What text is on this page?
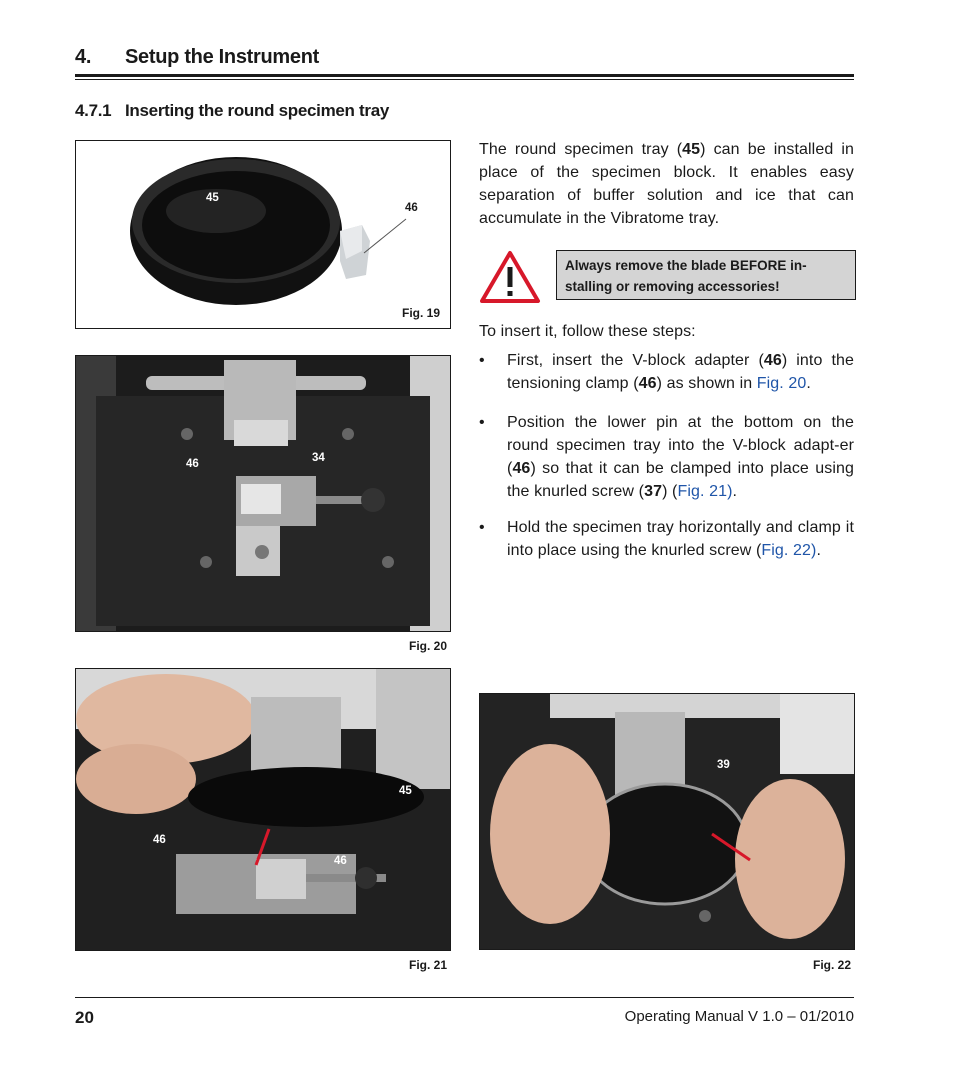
4. Setup the Instrument
4.7.1 Inserting the round specimen tray
45
46
Fig. 19
46	34
Fig. 20
45
46
46
Fig. 21
39
Fig. 22
The round specimen tray (45) can be installed in place of the specimen block. It enables easy separation of buffer solution and ice that can accumulate in the Vibratome tray.
Always remove the blade BEFORE in-stalling or removing accessories!
To insert it, follow these steps:
•	First, insert the V-block adapter (46) into the tensioning clamp (46) as shown in Fig. 20.
•	Position the lower pin at the bottom on the round specimen tray into the V-block adapt-er (46) so that it can be clamped into place using the knurled screw (37) (Fig. 21).
•	Hold the specimen tray horizontally and clamp it into place using the knurled screw (Fig. 22).
20	Operating Manual V 1.0 – 01/2010
